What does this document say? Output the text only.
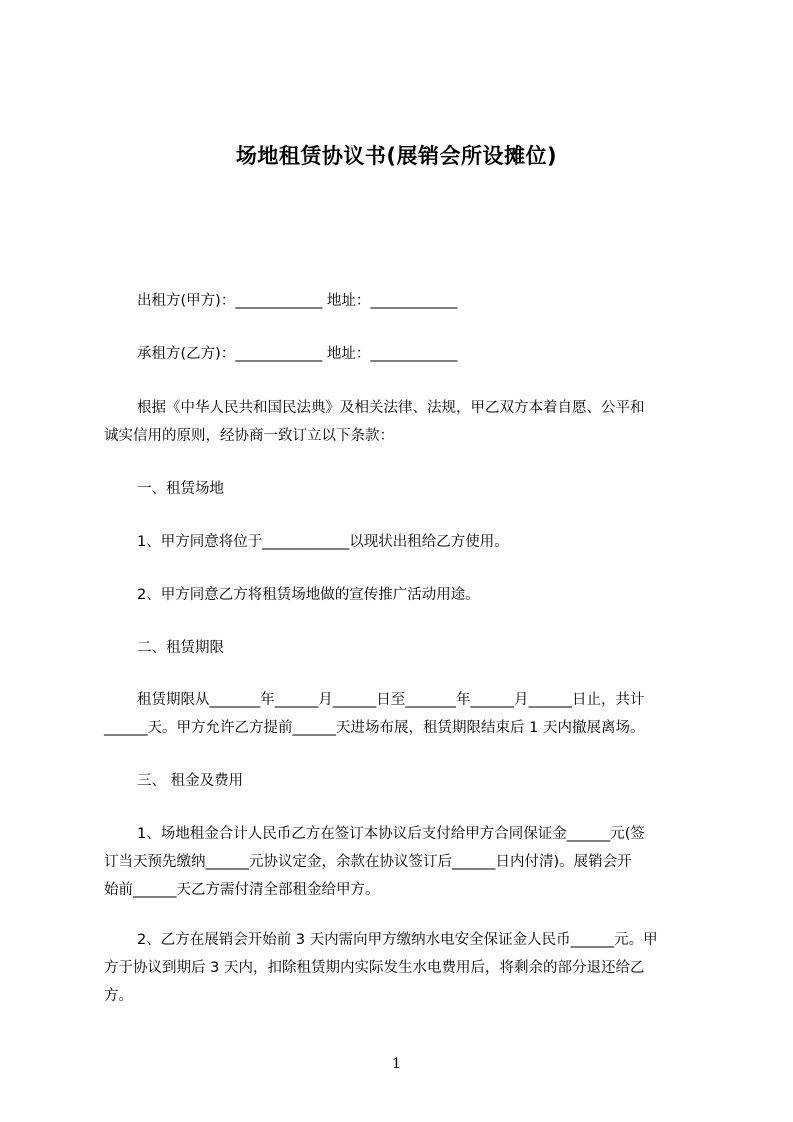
场地租赁协议书(展销会所设摊位)
出租方(甲方)：____________ 地址：____________
承租方(乙方)：____________ 地址：____________
根据《中华人民共和国民法典》及相关法律、法规，甲乙双方本着自愿、公平和
诚实信用的原则，经协商一致订立以下条款：
一、租赁场地
1、甲方同意将位于____________以现状出租给乙方使用。
2、甲方同意乙方将租赁场地做的宣传推广活动用途。
二、租赁期限
租赁期限从_______年______月______日至_______年______月______日止，共计
______天。甲方允许乙方提前______天进场布展，租赁期限结束后 1 天内撤展离场。
三、 租金及费用
1、场地租金合计人民币乙方在签订本协议后支付给甲方合同保证金______元(签
订当天预先缴纳______元协议定金，余款在协议签订后______日内付清)。展销会开
始前______天乙方需付清全部租金给甲方。
2、乙方在展销会开始前 3 天内需向甲方缴纳水电安全保证金人民币______元。甲
方于协议到期后 3 天内，扣除租赁期内实际发生水电费用后，将剩余的部分退还给乙
方。
1
